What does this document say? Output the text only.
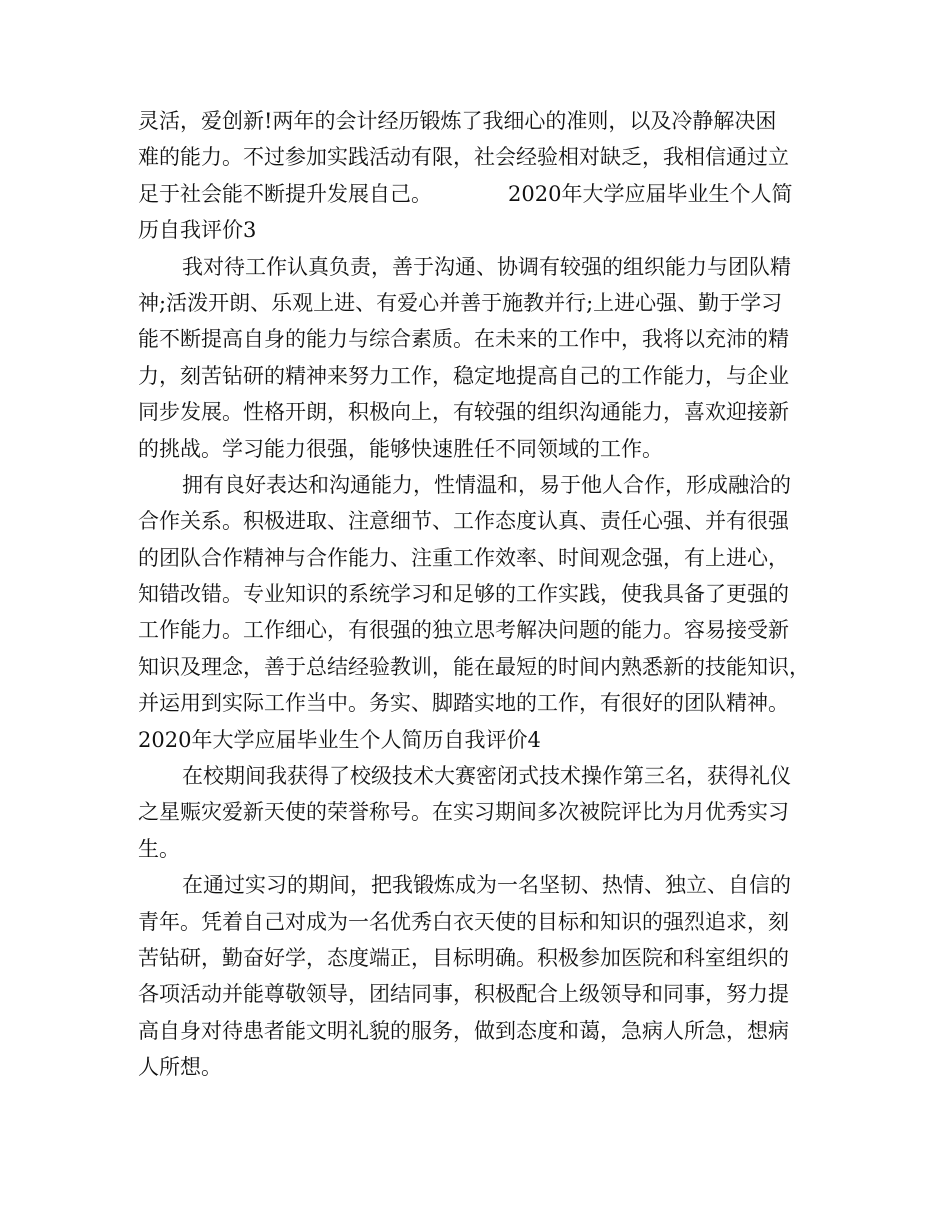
灵活，爱创新!两年的会计经历锻炼了我细心的准则，以及冷静解决困
难的能力。不过参加实践活动有限，社会经验相对缺乏，我相信通过立
足于社会能不断提升发展自己。	2020年大学应届毕业生个人简
历自我评价3
我对待工作认真负责，善于沟通、协调有较强的组织能力与团队精
神;活泼开朗、乐观上进、有爱心并善于施教并行;上进心强、勤于学习
能不断提高自身的能力与综合素质。在未来的工作中，我将以充沛的精
力，刻苦钻研的精神来努力工作，稳定地提高自己的工作能力，与企业
同步发展。性格开朗，积极向上，有较强的组织沟通能力，喜欢迎接新
的挑战。学习能力很强，能够快速胜任不同领域的工作。
拥有良好表达和沟通能力，性情温和，易于他人合作，形成融洽的
合作关系。积极进取、注意细节、工作态度认真、责任心强、并有很强
的团队合作精神与合作能力、注重工作效率、时间观念强，有上进心，
知错改错。专业知识的系统学习和足够的工作实践，使我具备了更强的
工作能力。工作细心，有很强的独立思考解决问题的能力。容易接受新
知识及理念，善于总结经验教训，能在最短的时间内熟悉新的技能知识，
并运用到实际工作当中。务实、脚踏实地的工作，有很好的团队精神。
2020年大学应届毕业生个人简历自我评价4
在校期间我获得了校级技术大赛密闭式技术操作第三名，获得礼仪
之星赈灾爱新天使的荣誉称号。在实习期间多次被院评比为月优秀实习
生。
在通过实习的期间，把我锻炼成为一名坚韧、热情、独立、自信的
青年。凭着自己对成为一名优秀白衣天使的目标和知识的强烈追求，刻
苦钻研，勤奋好学，态度端正，目标明确。积极参加医院和科室组织的
各项活动并能尊敬领导，团结同事，积极配合上级领导和同事，努力提
高自身对待患者能文明礼貌的服务，做到态度和蔼，急病人所急，想病
人所想。
